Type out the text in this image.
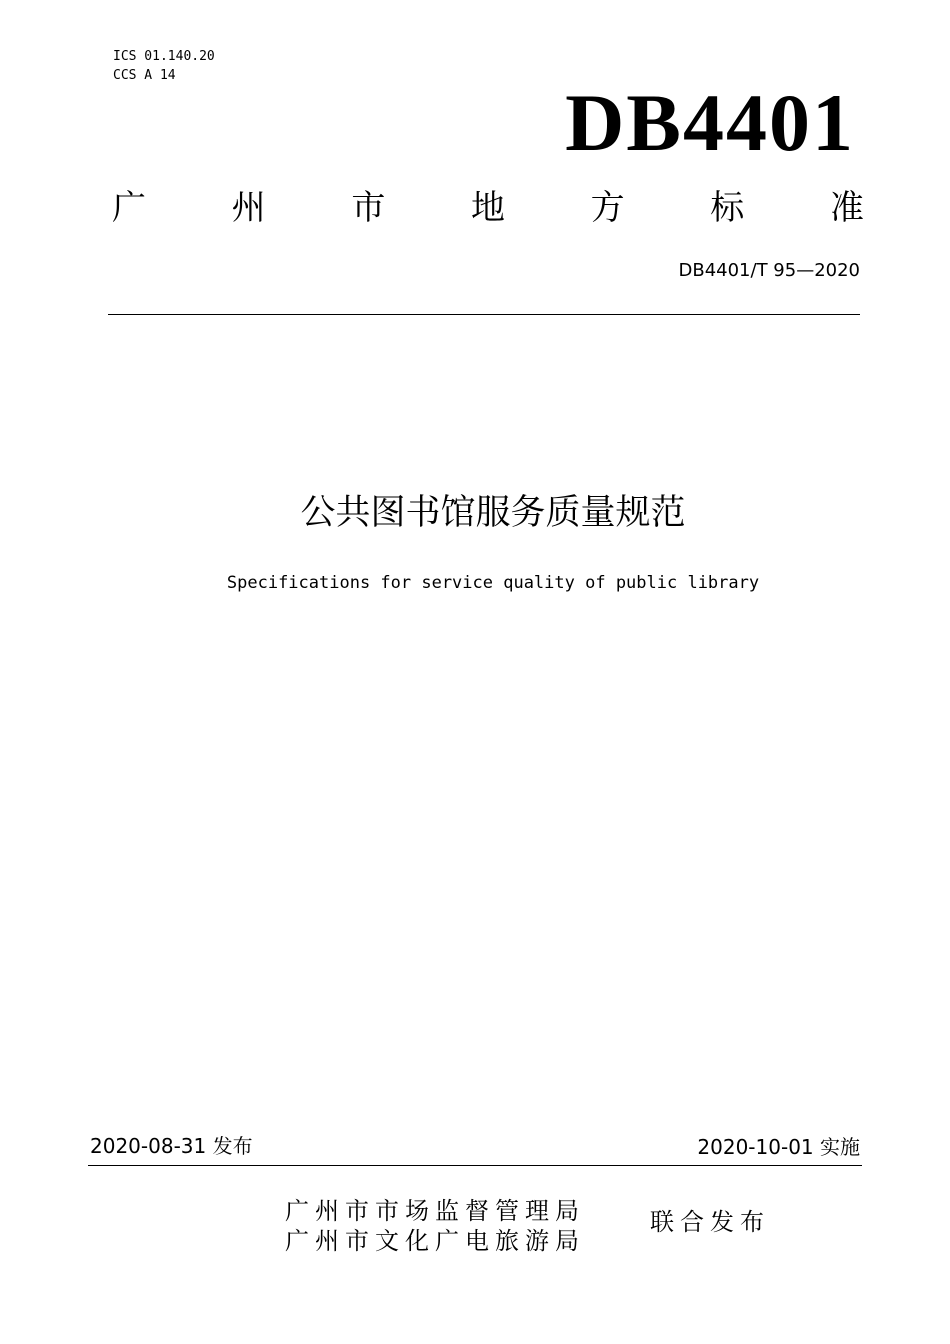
ICS 01.140.20
CCS A 14
DB4401
广	州	市	地	方	标	准
DB4401/T 95—2020
公共图书馆服务质量规范
Specifications for service quality of public library
2020-08-31 发布	2020-10-01 实施
广州市市场监督管理局
广州市文化广电旅游局
联合发布
